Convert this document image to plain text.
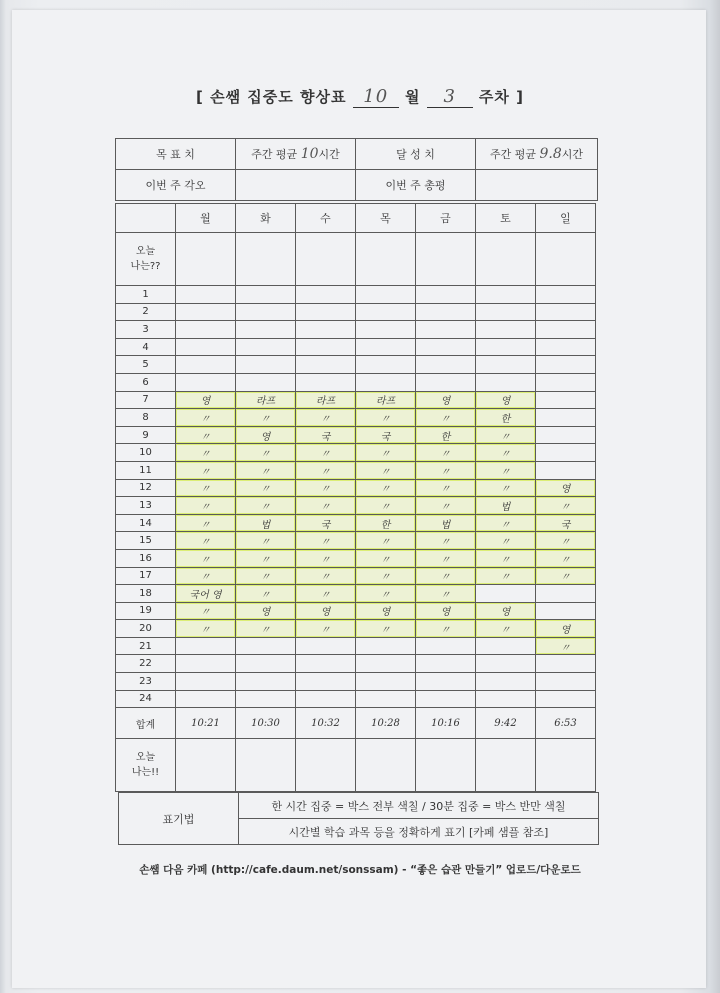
[ 손쌤 집중도 향상표 10 월 3 주차 ]
목 표 치	주간 평균 10시간	달 성 치	주간 평균 9.8시간
이번 주 각오		이번 주 총평	
	월	화	수	목	금	토	일
오늘
나는??							
1							
2							
3							
4							
5							
6							
7	영	라프	라프	라프	영	영	
8	〃	〃	〃	〃	〃	한	
9	〃	영	국	국	한	〃	
10	〃	〃	〃	〃	〃	〃	
11	〃	〃	〃	〃	〃	〃	
12	〃	〃	〃	〃	〃	〃	영
13	〃	〃	〃	〃	〃	법	〃
14	〃	법	국	한	법	〃	국
15	〃	〃	〃	〃	〃	〃	〃
16	〃	〃	〃	〃	〃	〃	〃
17	〃	〃	〃	〃	〃	〃	〃
18	국어 영	〃	〃	〃	〃		
19	〃	영	영	영	영	영	
20	〃	〃	〃	〃	〃	〃	영
21							〃
22							
23							
24							
합계	10:21	10:30	10:32	10:28	10:16	9:42	6:53
오늘
나는!!							
표기법	한 시간 집중 = 박스 전부 색칠 / 30분 집중 = 박스 반만 색칠
시간별 학습 과목 등을 정확하게 표기 [카페 샘플 참조]
손쌤 다음 카페 (http://cafe.daum.net/sonssam) - “좋은 습관 만들기” 업로드/다운로드
